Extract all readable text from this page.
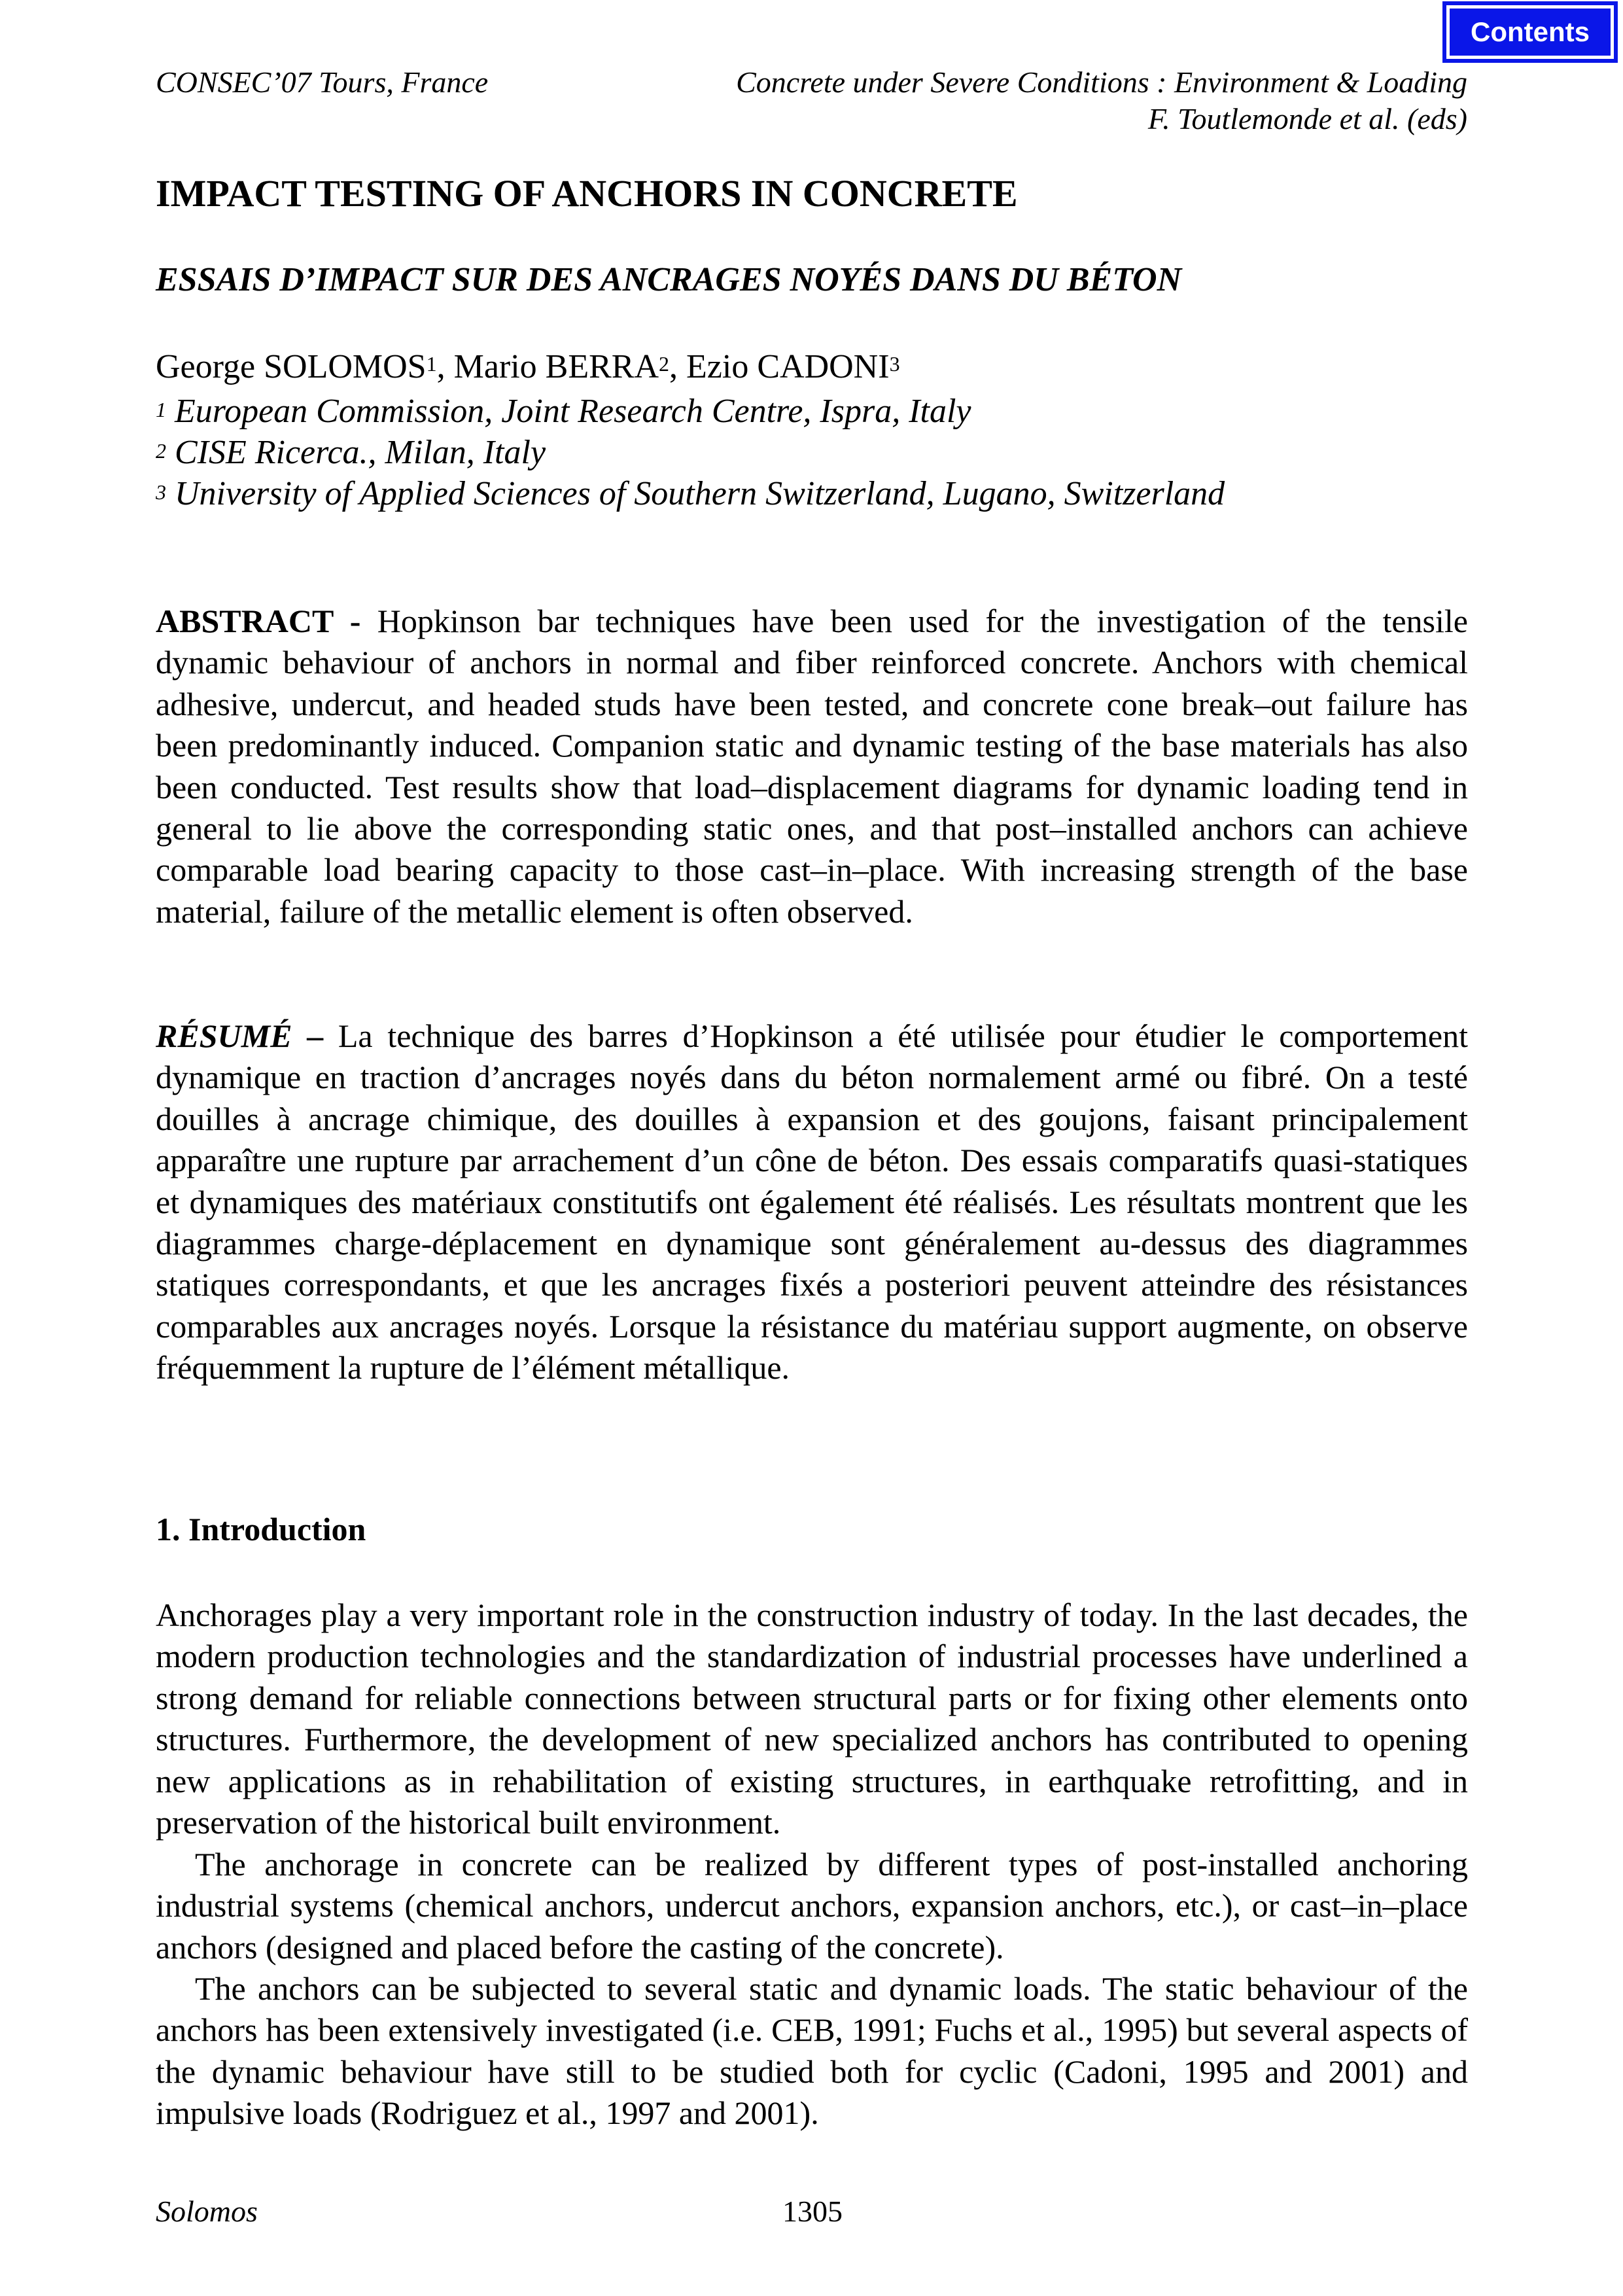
Contents
CONSEC’07 Tours, France	Concrete under Severe Conditions : Environment & Loading
F. Toutlemonde et al. (eds)
IMPACT TESTING OF ANCHORS IN CONCRETE
ESSAIS D’IMPACT SUR DES ANCRAGES NOYÉS DANS DU BÉTON
George SOLOMOS$^1$, Mario BERRA$^2$, Ezio CADONI$^3$
$^1$ European Commission, Joint Research Centre, Ispra, Italy
$^2$ CISE Ricerca., Milan, Italy
$^3$ University of Applied Sciences of Southern Switzerland, Lugano, Switzerland

ABSTRACT - Hopkinson bar techniques have been used for the investigation of the tensile dynamic behaviour of anchors in normal and fiber reinforced concrete. Anchors with chemical adhesive, undercut, and headed studs have been tested, and concrete cone break–out failure has been predominantly induced. Companion static and dynamic testing of the base materials has also been conducted. Test results show that load–displacement diagrams for dynamic loading tend in general to lie above the corresponding static ones, and that post–installed anchors can achieve comparable load bearing capacity to those cast–in–place. With increasing strength of the base material, failure of the metallic element is often observed.

RÉSUMÉ – La technique des barres d’Hopkinson a été utilisée pour étudier le comportement dynamique en traction d’ancrages noyés dans du béton normalement armé ou fibré. On a testé douilles à ancrage chimique, des douilles à expansion et des goujons, faisant principalement apparaître une rupture par arrachement d’un cône de béton. Des essais comparatifs quasi-statiques et dynamiques des matériaux constitutifs ont également été réalisés. Les résultats montrent que les diagrammes charge-déplacement en dynamique sont généralement au-dessus des diagrammes statiques correspondants, et que les ancrages fixés a posteriori peuvent atteindre des résistances comparables aux ancrages noyés. Lorsque la résistance du matériau support augmente, on observe fréquemment la rupture de l’élément métallique.

1. Introduction

Anchorages play a very important role in the construction industry of today. In the last decades, the modern production technologies and the standardization of industrial processes have underlined a strong demand for reliable connections between structural parts or for fixing other elements onto structures. Furthermore, the development of new specialized anchors has contributed to opening new applications as in rehabilitation of existing structures, in earthquake retrofitting, and in preservation of the historical built environment.

The anchorage in concrete can be realized by different types of post-installed anchoring industrial systems (chemical anchors, undercut anchors, expansion anchors, etc.), or cast–in–place anchors (designed and placed before the casting of the concrete).

The anchors can be subjected to several static and dynamic loads. The static behaviour of the anchors has been extensively investigated (i.e. CEB, 1991; Fuchs et al., 1995) but several aspects of the dynamic behaviour have still to be studied both for cyclic (Cadoni, 1995 and 2001) and impulsive loads (Rodriguez et al., 1997 and 2001).

Solomos	1305
